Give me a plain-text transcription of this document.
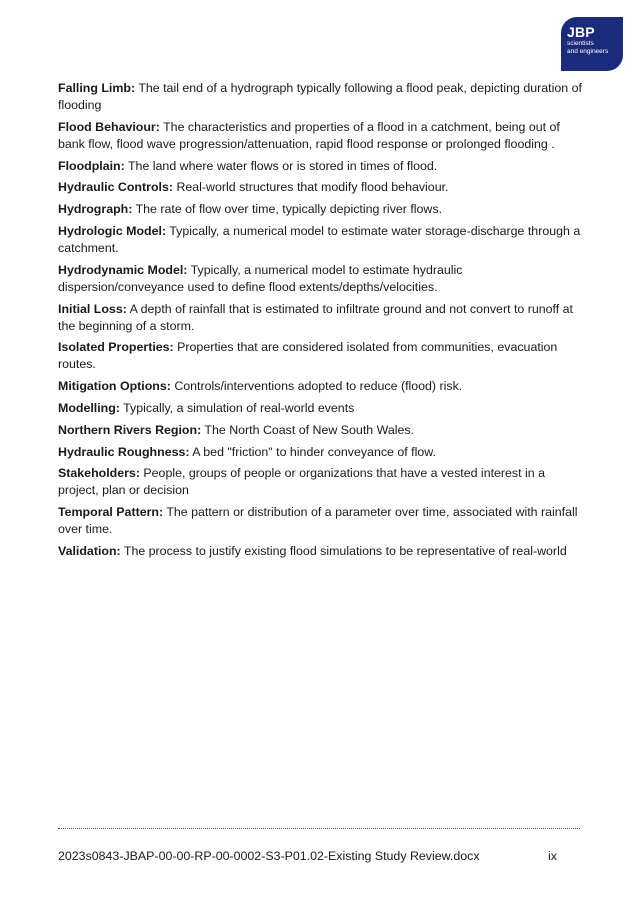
JBP
scientists
and engineers

Falling Limb: The tail end of a hydrograph typically following a flood peak, depicting duration of flooding

Flood Behaviour: The characteristics and properties of a flood in a catchment, being out of bank flow, flood wave progression/attenuation, rapid flood response or prolonged flooding .

Floodplain: The land where water flows or is stored in times of flood.

Hydraulic Controls: Real-world structures that modify flood behaviour.

Hydrograph: The rate of flow over time, typically depicting river flows.

Hydrologic Model: Typically, a numerical model to estimate water storage-discharge through a catchment.

Hydrodynamic Model: Typically, a numerical model to estimate hydraulic dispersion/conveyance used to define flood extents/depths/velocities.

Initial Loss: A depth of rainfall that is estimated to infiltrate ground and not convert to runoff at the beginning of a storm.

Isolated Properties: Properties that are considered isolated from communities, evacuation routes.

Mitigation Options: Controls/interventions adopted to reduce (flood) risk.

Modelling: Typically, a simulation of real-world events

Northern Rivers Region: The North Coast of New South Wales.

Hydraulic Roughness: A bed "friction" to hinder conveyance of flow.

Stakeholders: People, groups of people or organizations that have a vested interest in a project, plan or decision

Temporal Pattern: The pattern or distribution of a parameter over time, associated with rainfall over time.

Validation: The process to justify existing flood simulations to be representative of real-world

2023s0843-JBAP-00-00-RP-00-0002-S3-P01.02-Existing Study Review.docx	ix
